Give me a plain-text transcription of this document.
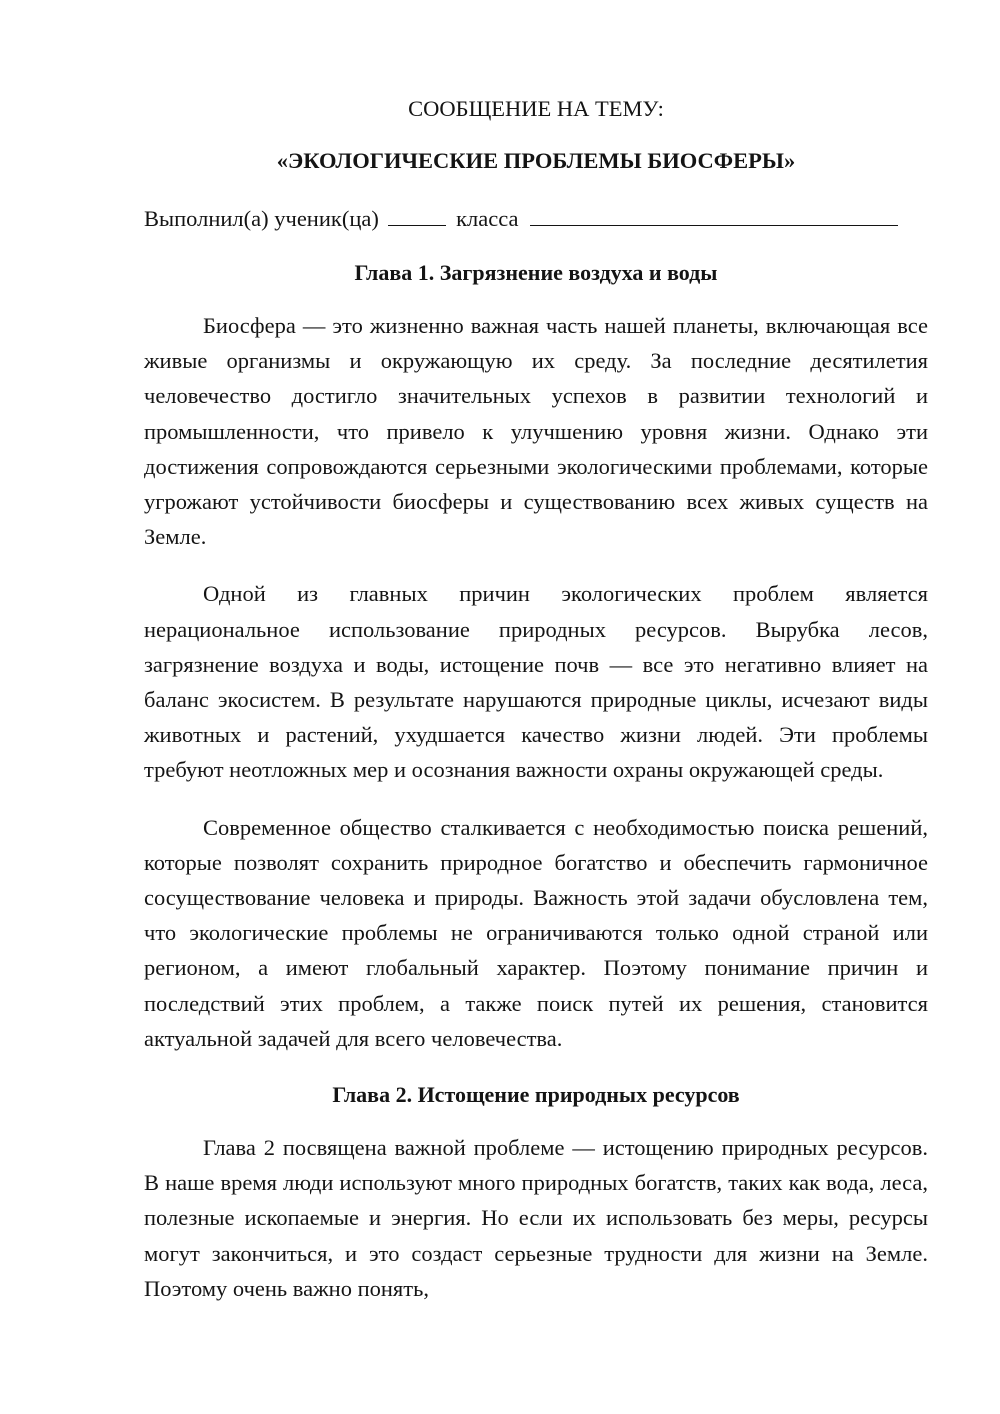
СООБЩЕНИЕ НА ТЕМУ:
«ЭКОЛОГИЧЕСКИЕ ПРОБЛЕМЫ БИОСФЕРЫ»
Выполнил(а) ученик(ца)	класса
Глава 1. Загрязнение воздуха и воды

Биосфера — это жизненно важная часть нашей планеты, включающая все живые организмы и окружающую их среду. За последние десятилетия человечество достигло значительных успехов в развитии технологий и промышленности, что привело к улучшению уровня жизни. Однако эти достижения сопровождаются серьезными экологическими проблемами, которые угрожают устойчивости биосферы и существованию всех живых существ на Земле.

Одной из главных причин экологических проблем является нерациональное использование природных ресурсов. Вырубка лесов, загрязнение воздуха и воды, истощение почв — все это негативно влияет на баланс экосистем. В результате нарушаются природные циклы, исчезают виды животных и растений, ухудшается качество жизни людей. Эти проблемы требуют неотложных мер и осознания важности охраны окружающей среды.

Современное общество сталкивается с необходимостью поиска решений, которые позволят сохранить природное богатство и обеспечить гармоничное сосуществование человека и природы. Важность этой задачи обусловлена тем, что экологические проблемы не ограничиваются только одной страной или регионом, а имеют глобальный характер. Поэтому понимание причин и последствий этих проблем, а также поиск путей их решения, становится актуальной задачей для всего человечества.

Глава 2. Истощение природных ресурсов

Глава 2 посвящена важной проблеме — истощению природных ресурсов. В наше время люди используют много природных богатств, таких как вода, леса, полезные ископаемые и энергия. Но если их использовать без меры, ресурсы могут закончиться, и это создаст серьезные трудности для жизни на Земле. Поэтому очень важно понять,
